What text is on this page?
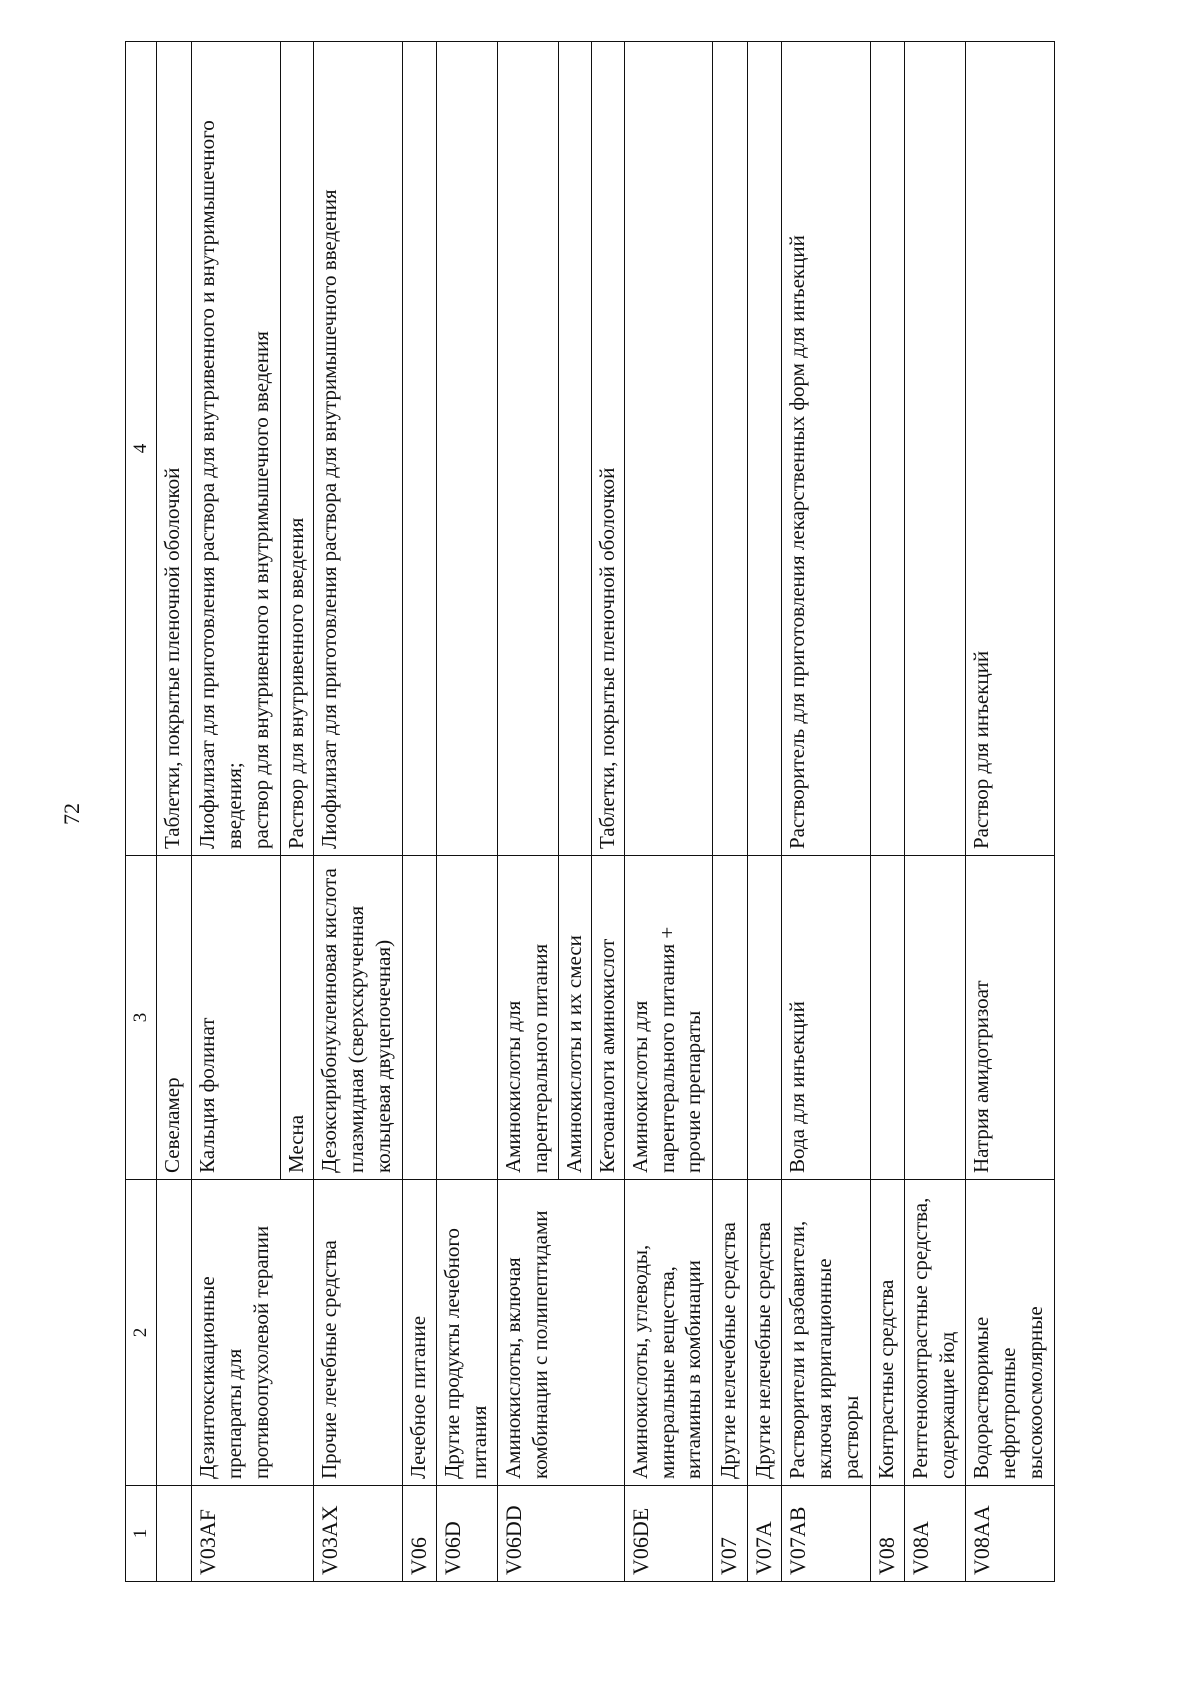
72
1	2	3	4
		Севеламер	Таблетки, покрытые пленочной оболочкой
V03AF	Дезинтоксикационные препараты для противоопухолевой терапии	Кальция фолинат	Лиофилизат для приготовления раствора для внутривенного и внутримышечного введения;
раствор для внутривенного и внутримышечного введения
		Месна	Раствор для внутривенного введения
V03AX	Прочие лечебные средства	Дезоксирибонуклеиновая кислота плазмидная (сверхскрученная кольцевая двуцепочечная)	Лиофилизат для приготовления раствора для внутримышечного введения
V06	Лечебное питание		
V06D	Другие продукты лечебного питания		
V06DD	Аминокислоты, включая комбинации с полипептидами	Аминокислоты для парентерального питания	
		Аминокислоты и их смеси	
		Кетоаналоги аминокислот	Таблетки, покрытые пленочной оболочкой
V06DE	Аминокислоты, углеводы, минеральные вещества, витамины в комбинации	Аминокислоты для парентерального питания + прочие препараты	
V07	Другие нелечебные средства		
V07A	Другие нелечебные средства		
V07AB	Растворители и разбавители, включая ирригационные растворы	Вода для инъекций	Растворитель для приготовления лекарственных форм для инъекций
V08	Контрастные средства		
V08A	Рентгеноконтрастные средства, содержащие йод		
V08AA	Водорастворимые нефротропные высокоосмолярные	Натрия амидотризоат	Раствор для инъекций
